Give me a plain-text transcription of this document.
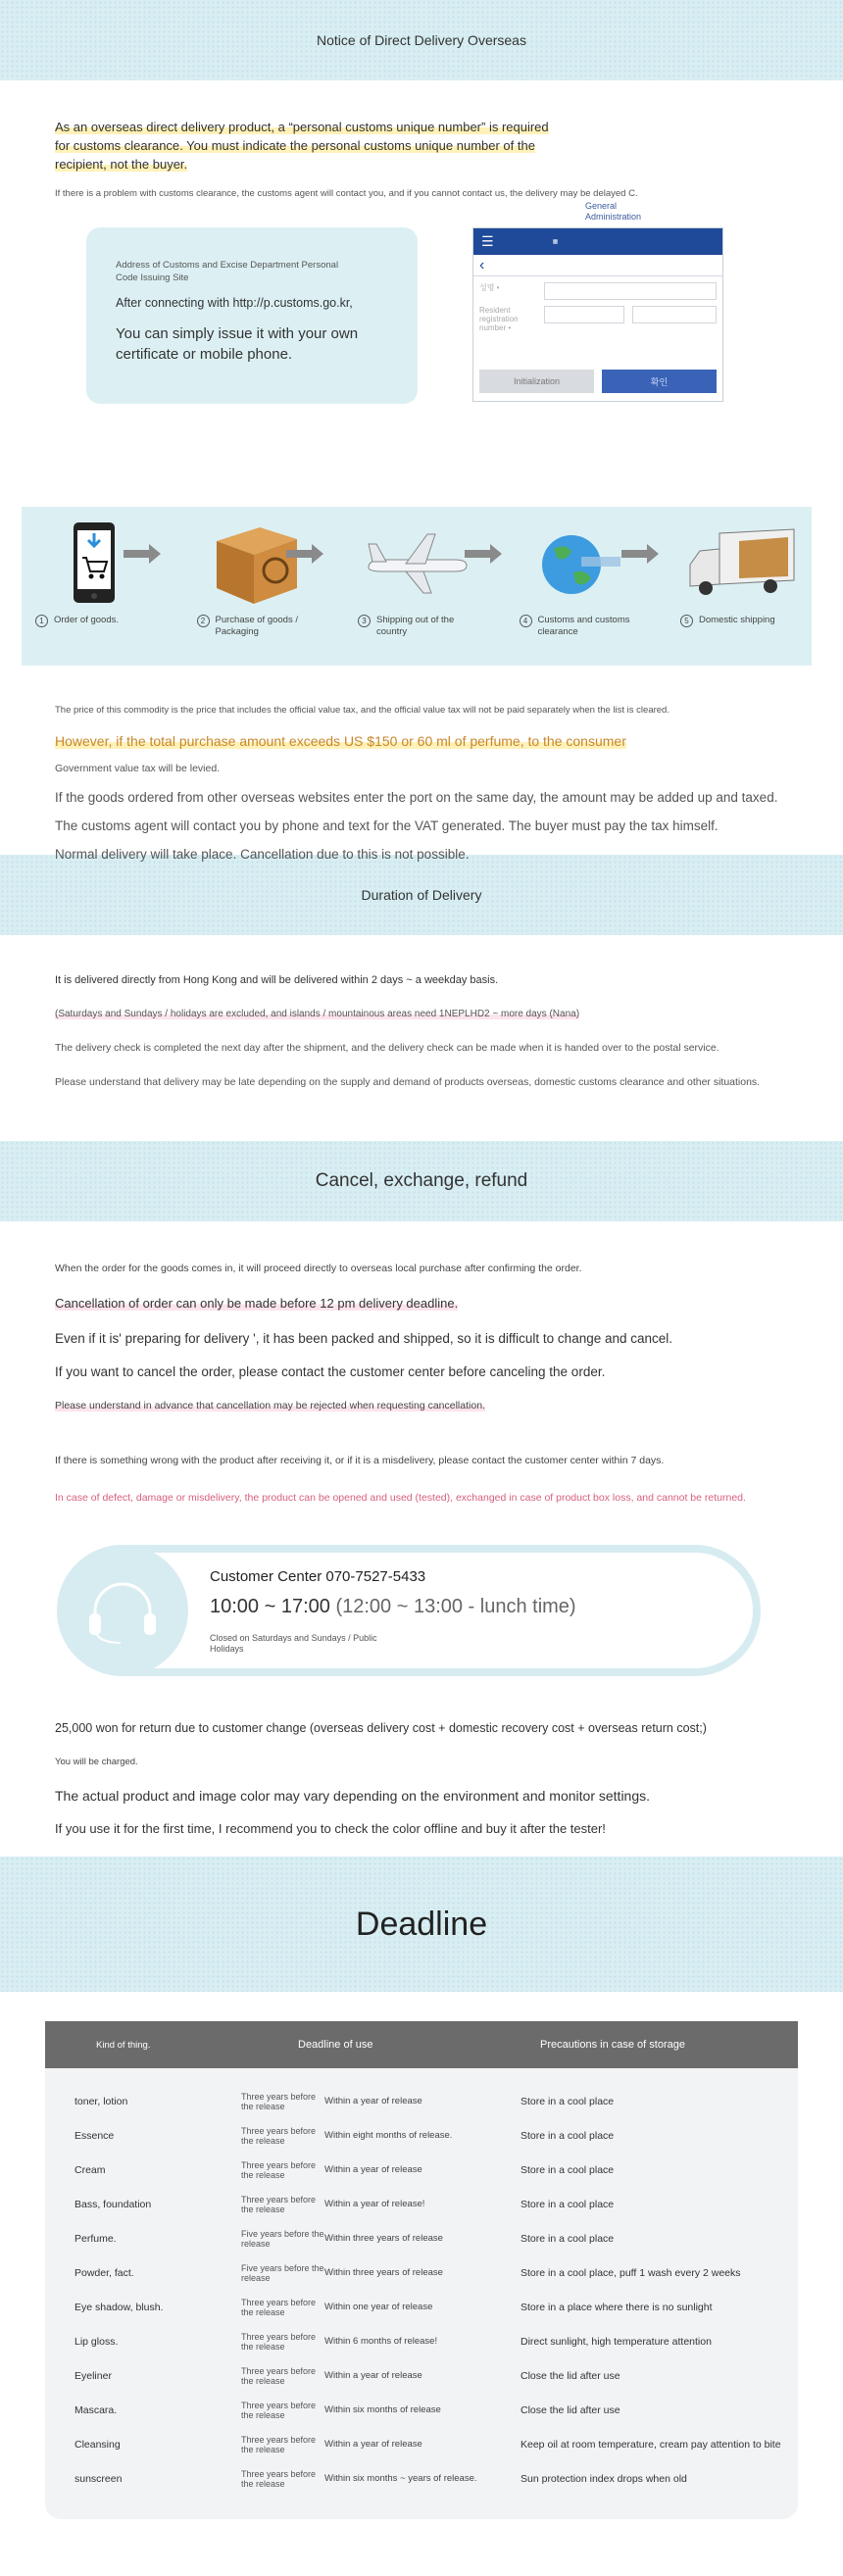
Notice of Direct Delivery Overseas

As an overseas direct delivery product, a “personal customs unique number” is required for customs clearance. You must indicate the personal customs unique number of the recipient, not the buyer.

If there is a problem with customs clearance, the customs agent will contact you, and if you cannot contact us, the delivery may be delayed C.

Address of Customs and Excise Department Personal Code Issuing Site
After connecting with http://p.customs.go.kr,
You can simply issue it with your own certificate or mobile phone.
General Administration
☰	▦
‹
성명 •
Resident registration number •
Initialization	확인
1	Order of goods.	2	Purchase of goods / Packaging
3	Shipping out of the country
4	Customs and customs clearance
5	Domestic shipping

The price of this commodity is the price that includes the official value tax, and the official value tax will not be paid separately when the list is cleared.

However, if the total purchase amount exceeds US $150 or 60 ml of perfume, to the consumer

Government value tax will be levied.

If the goods ordered from other overseas websites enter the port on the same day, the amount may be added up and taxed.

The customs agent will contact you by phone and text for the VAT generated. The buyer must pay the tax himself.

Normal delivery will take place. Cancellation due to this is not possible.

Duration of Delivery

It is delivered directly from Hong Kong and will be delivered within 2 days ~ a weekday basis.

(Saturdays and Sundays / holidays are excluded, and islands / mountainous areas need 1NEPLHD2 ~ more days (Nana)

The delivery check is completed the next day after the shipment, and the delivery check can be made when it is handed over to the postal service.

Please understand that delivery may be late depending on the supply and demand of products overseas, domestic customs clearance and other situations.

Cancel, exchange, refund

When the order for the goods comes in, it will proceed directly to overseas local purchase after confirming the order.

Cancellation of order can only be made before 12 pm delivery deadline.

Even if it is' preparing for delivery ', it has been packed and shipped, so it is difficult to change and cancel.

If you want to cancel the order, please contact the customer center before canceling the order.

Please understand in advance that cancellation may be rejected when requesting cancellation.

If there is something wrong with the product after receiving it, or if it is a misdelivery, please contact the customer center within 7 days.

In case of defect, damage or misdelivery, the product can be opened and used (tested), exchanged in case of product box loss, and cannot be returned.

Customer Center 070-7527-5433
10:00 ~ 17:00 (12:00 ~ 13:00 - lunch time)
Closed on Saturdays and Sundays / Public Holidays

25,000 won for return due to customer change (overseas delivery cost + domestic recovery cost + overseas return cost;)

You will be charged.

The actual product and image color may vary depending on the environment and monitor settings.

If you use it for the first time, I recommend you to check the color offline and buy it after the tester!

Deadline
Kind of thing.	Deadline of use	Precautions in case of storage
toner, lotion	Three years before the release	Within a year of release	Store in a cool place
Essence	Three years before the release	Within eight months of release.	Store in a cool place
Cream	Three years before the release	Within a year of release	Store in a cool place
Bass, foundation	Three years before the release	Within a year of release!	Store in a cool place
Perfume.	Five years before the release	Within three years of release	Store in a cool place
Powder, fact.	Five years before the release	Within three years of release	Store in a cool place, puff 1 wash every 2 weeks
Eye shadow, blush.	Three years before the release	Within one year of release	Store in a place where there is no sunlight
Lip gloss.	Three years before the release	Within 6 months of release!	Direct sunlight, high temperature attention
Eyeliner	Three years before the release	Within a year of release	Close the lid after use
Mascara.	Three years before the release	Within six months of release	Close the lid after use
Cleansing	Three years before the release	Within a year of release	Keep oil at room temperature, cream pay attention to bite
sunscreen	Three years before the release	Within six months ~ years of release.	Sun protection index drops when old
